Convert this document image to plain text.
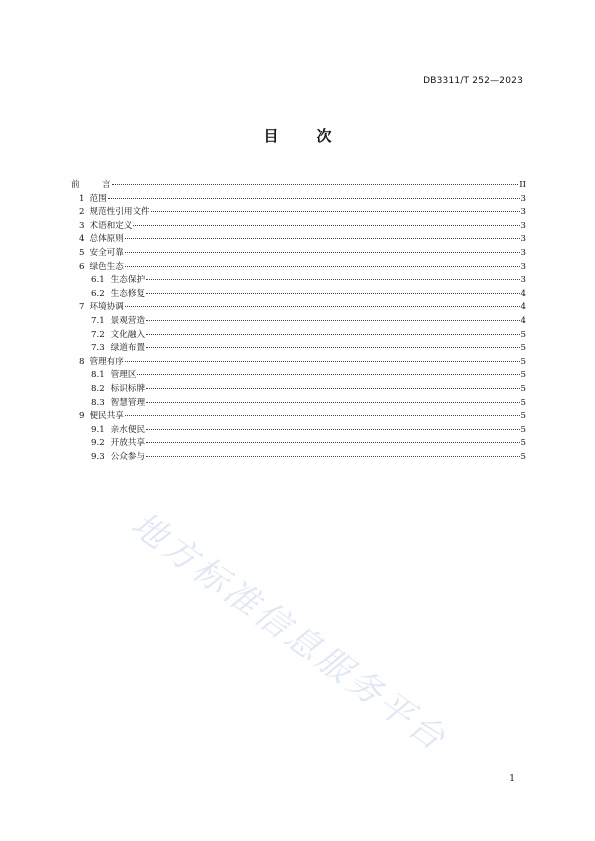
DB3311/T 252—2023
目	次
前	言	II
1 范围	3
2 规范性引用文件	3
3 术语和定义	3
4 总体原则	3
5 安全可靠	3
6 绿色生态	3
6.1 生态保护	3
6.2 生态修复	4
7 环境协调	4
7.1 景观营造	4
7.2 文化融入	5
7.3 绿道布置	5
8 管理有序	5
8.1 管理区	5
8.2 标识标牌	5
8.3 智慧管理	5
9 便民共享	5
9.1 亲水便民	5
9.2 开放共享	5
9.3 公众参与	5
地方标准信息服务平台
1
